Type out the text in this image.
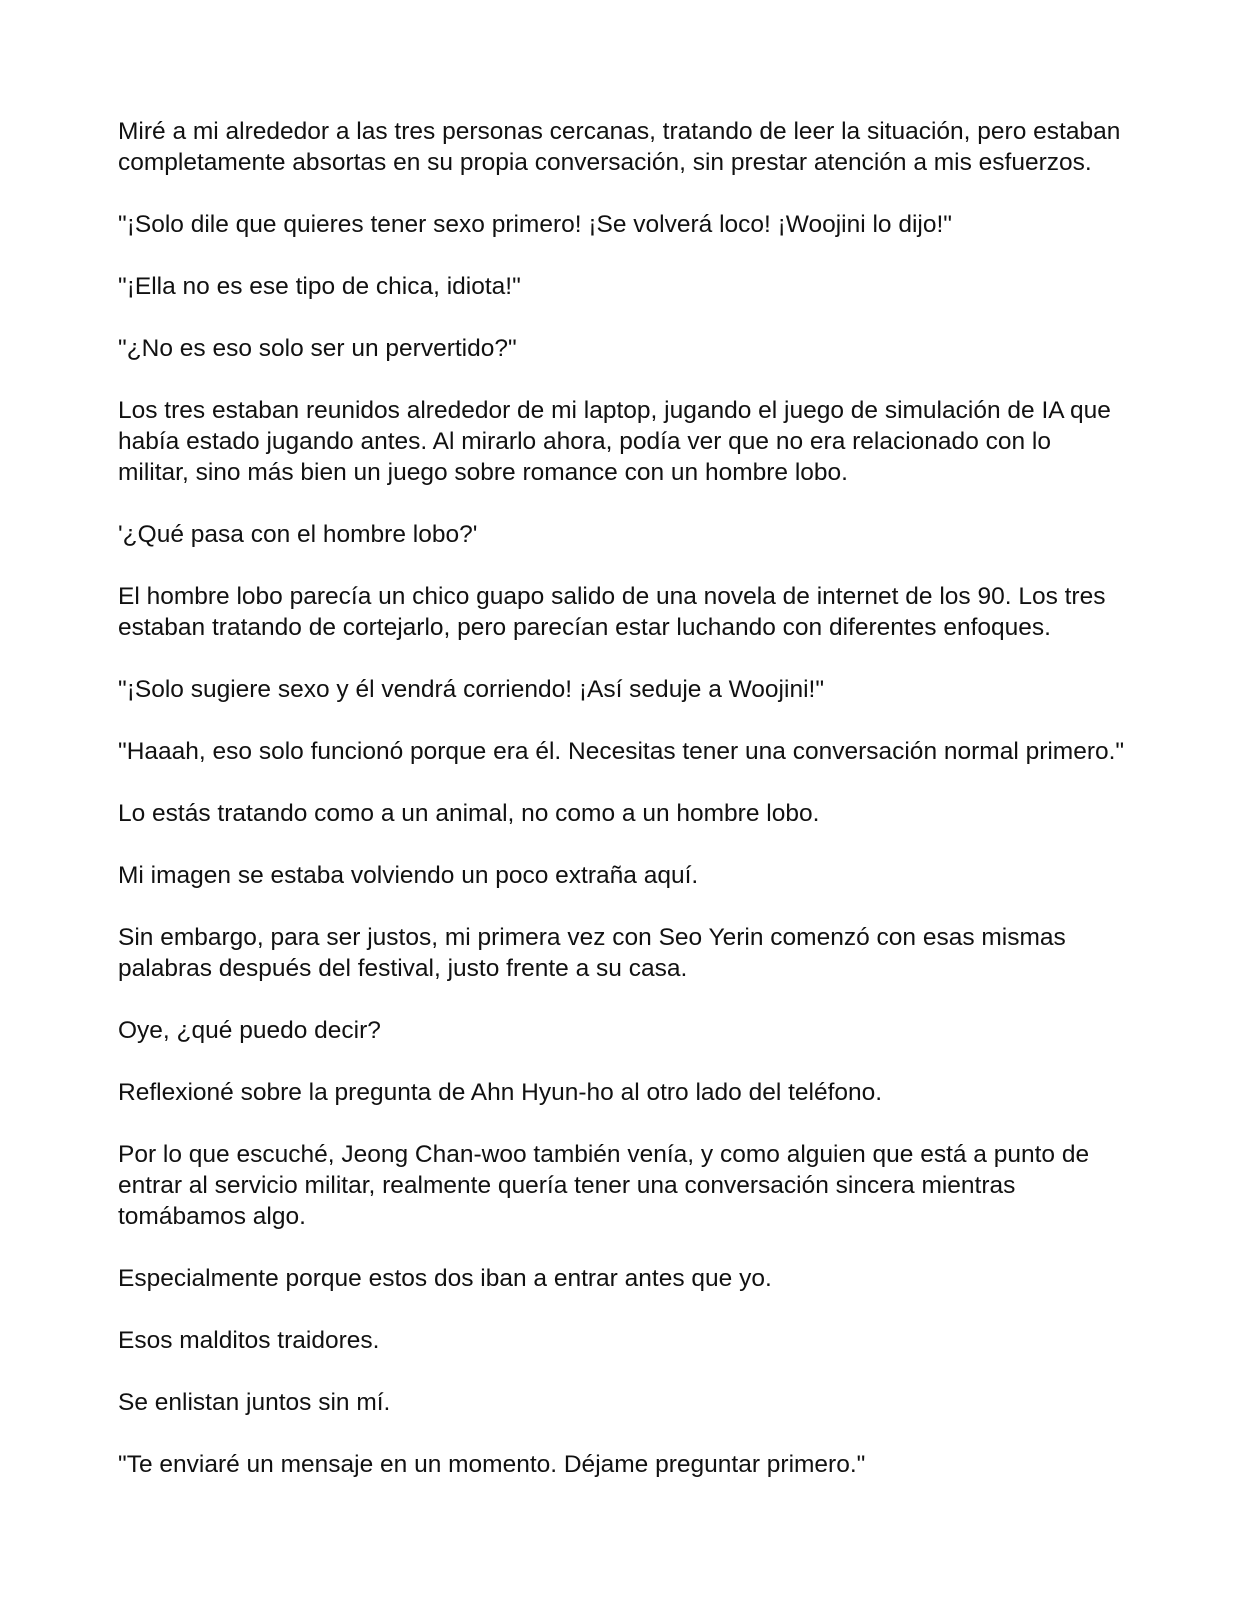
Miré a mi alrededor a las tres personas cercanas, tratando de leer la situación, pero estaban completamente absortas en su propia conversación, sin prestar atención a mis esfuerzos.

"¡Solo dile que quieres tener sexo primero! ¡Se volverá loco! ¡Woojini lo dijo!"

"¡Ella no es ese tipo de chica, idiota!"

"¿No es eso solo ser un pervertido?"

Los tres estaban reunidos alrededor de mi laptop, jugando el juego de simulación de IA que había estado jugando antes. Al mirarlo ahora, podía ver que no era relacionado con lo militar, sino más bien un juego sobre romance con un hombre lobo.

'¿Qué pasa con el hombre lobo?'

El hombre lobo parecía un chico guapo salido de una novela de internet de los 90. Los tres estaban tratando de cortejarlo, pero parecían estar luchando con diferentes enfoques.

"¡Solo sugiere sexo y él vendrá corriendo! ¡Así seduje a Woojini!"

"Haaah, eso solo funcionó porque era él. Necesitas tener una conversación normal primero."

Lo estás tratando como a un animal, no como a un hombre lobo.

Mi imagen se estaba volviendo un poco extraña aquí.

Sin embargo, para ser justos, mi primera vez con Seo Yerin comenzó con esas mismas palabras después del festival, justo frente a su casa.

Oye, ¿qué puedo decir?

Reflexioné sobre la pregunta de Ahn Hyun-ho al otro lado del teléfono.

Por lo que escuché, Jeong Chan-woo también venía, y como alguien que está a punto de entrar al servicio militar, realmente quería tener una conversación sincera mientras tomábamos algo.

Especialmente porque estos dos iban a entrar antes que yo.

Esos malditos traidores.

Se enlistan juntos sin mí.

"Te enviaré un mensaje en un momento. Déjame preguntar primero."
